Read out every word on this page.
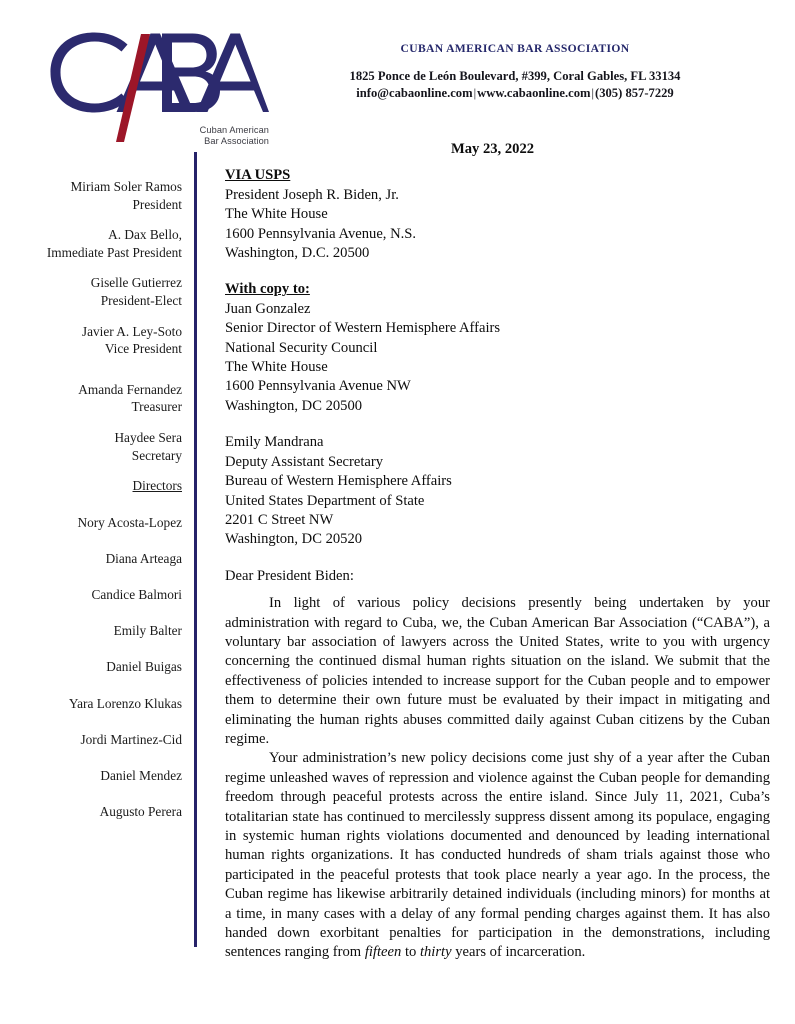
Cuban American
Bar Association
CUBAN AMERICAN BAR ASSOCIATION
1825 Ponce de León Boulevard, #399, Coral Gables, FL 33134
info@cabaonline.com|www.cabaonline.com|(305) 857-7229
Miriam Soler Ramos
President
A. Dax Bello,
Immediate Past President
Giselle Gutierrez
President-Elect
Javier A. Ley-Soto
Vice President
Amanda Fernandez
Treasurer
Haydee Sera
Secretary
Directors
Nory Acosta-Lopez
Diana Arteaga
Candice Balmori
Emily Balter
Daniel Buigas
Yara Lorenzo Klukas
Jordi Martinez-Cid
Daniel Mendez
Augusto Perera
May 23, 2022
VIA USPS
President Joseph R. Biden, Jr.
The White House
1600 Pennsylvania Avenue, N.S.
Washington, D.C. 20500
With copy to:
Juan Gonzalez
Senior Director of Western Hemisphere Affairs
National Security Council
The White House
1600 Pennsylvania Avenue NW
Washington, DC 20500
Emily Mandrana
Deputy Assistant Secretary
Bureau of Western Hemisphere Affairs
United States Department of State
2201 C Street NW
Washington, DC 20520

Dear President Biden:

In light of various policy decisions presently being undertaken by your administration with regard to Cuba, we, the Cuban American Bar Association (“CABA”), a voluntary bar association of lawyers across the United States, write to you with urgency concerning the continued dismal human rights situation on the island. We submit that the effectiveness of policies intended to increase support for the Cuban people and to empower them to determine their own future must be evaluated by their impact in mitigating and eliminating the human rights abuses committed daily against Cuban citizens by the Cuban regime.

Your administration’s new policy decisions come just shy of a year after the Cuban regime unleashed waves of repression and violence against the Cuban people for demanding freedom through peaceful protests across the entire island. Since July 11, 2021, Cuba’s totalitarian state has continued to mercilessly suppress dissent among its populace, engaging in systemic human rights violations documented and denounced by leading international human rights organizations. It has conducted hundreds of sham trials against those who participated in the peaceful protests that took place nearly a year ago. In the process, the Cuban regime has likewise arbitrarily detained individuals (including minors) for months at a time, in many cases with a delay of any formal pending charges against them. It has also handed down exorbitant penalties for participation in the demonstrations, including sentences ranging from fifteen to thirty years of incarceration.
